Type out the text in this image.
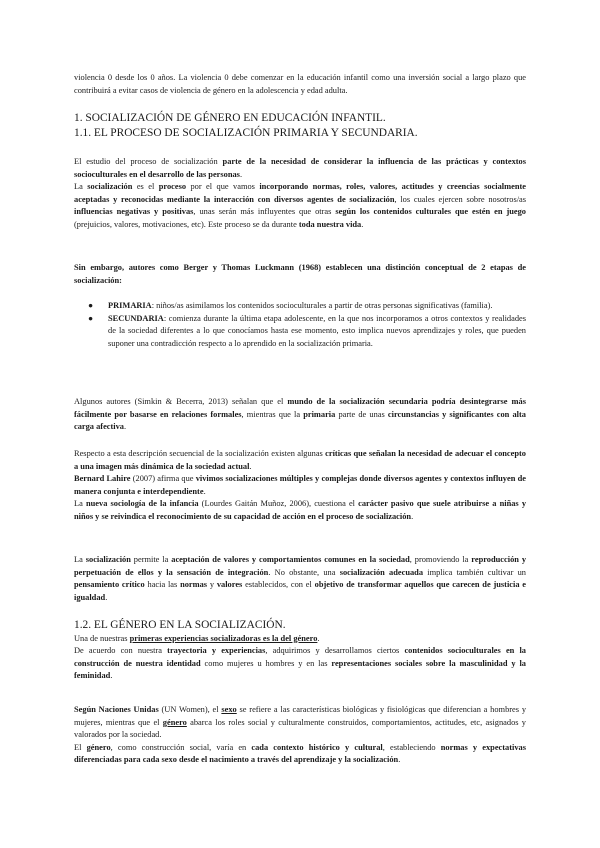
violencia 0 desde los 0 años. La violencia 0 debe comenzar en la educación infantil como una inversión social a largo plazo que contribuirá a evitar casos de violencia de género en la adolescencia y edad adulta.

1. SOCIALIZACIÓN DE GÉNERO EN EDUCACIÓN INFANTIL.
1.1. EL PROCESO DE SOCIALIZACIÓN PRIMARIA Y SECUNDARIA.

El estudio del proceso de socialización parte de la necesidad de considerar la influencia de las prácticas y contextos socioculturales en el desarrollo de las personas.

La socialización es el proceso por el que vamos incorporando normas, roles, valores, actitudes y creencias socialmente aceptadas y reconocidas mediante la interacción con diversos agentes de socialización, los cuales ejercen sobre nosotros/as influencias negativas y positivas, unas serán más influyentes que otras según los contenidos culturales que estén en juego (prejuicios, valores, motivaciones, etc). Este proceso se da durante toda nuestra vida.

Sin embargo, autores como Berger y Thomas Luckmann (1968) establecen una distinción conceptual de 2 etapas de socialización:

● PRIMARIA: niños/as asimilamos los contenidos socioculturales a partir de otras personas significativas (familia).
● SECUNDARIA: comienza durante la última etapa adolescente, en la que nos incorporamos a otros contextos y realidades de la sociedad diferentes a lo que conocíamos hasta ese momento, esto implica nuevos aprendizajes y roles, que pueden suponer una contradicción respecto a lo aprendido en la socialización primaria.

Algunos autores (Simkin & Becerra, 2013) señalan que el mundo de la socialización secundaria podría desintegrarse más fácilmente por basarse en relaciones formales, mientras que la primaria parte de unas circunstancias y significantes con alta carga afectiva.

Respecto a esta descripción secuencial de la socialización existen algunas críticas que señalan la necesidad de adecuar el concepto a una imagen más dinámica de la sociedad actual.

Bernard Lahire (2007) afirma que vivimos socializaciones múltiples y complejas donde diversos agentes y contextos influyen de manera conjunta e interdependiente.

La nueva sociología de la infancia (Lourdes Gaitán Muñoz, 2006), cuestiona el carácter pasivo que suele atribuirse a niñas y niños y se reivindica el reconocimiento de su capacidad de acción en el proceso de socialización.

La socialización permite la aceptación de valores y comportamientos comunes en la sociedad, promoviendo la reproducción y perpetuación de ellos y la sensación de integración. No obstante, una socialización adecuada implica también cultivar un pensamiento crítico hacia las normas y valores establecidos, con el objetivo de transformar aquellos que carecen de justicia e igualdad.

1.2. EL GÉNERO EN LA SOCIALIZACIÓN.

Una de nuestras primeras experiencias socializadoras es la del género.

De acuerdo con nuestra trayectoria y experiencias, adquirimos y desarrollamos ciertos contenidos socioculturales en la construcción de nuestra identidad como mujeres u hombres y en las representaciones sociales sobre la masculinidad y la feminidad.

Según Naciones Unidas (UN Women), el sexo se refiere a las características biológicas y fisiológicas que diferencian a hombres y mujeres, mientras que el género abarca los roles social y culturalmente construidos, comportamientos, actitudes, etc, asignados y valorados por la sociedad.

El género, como construcción social, varía en cada contexto histórico y cultural, estableciendo normas y expectativas diferenciadas para cada sexo desde el nacimiento a través del aprendizaje y la socialización.
